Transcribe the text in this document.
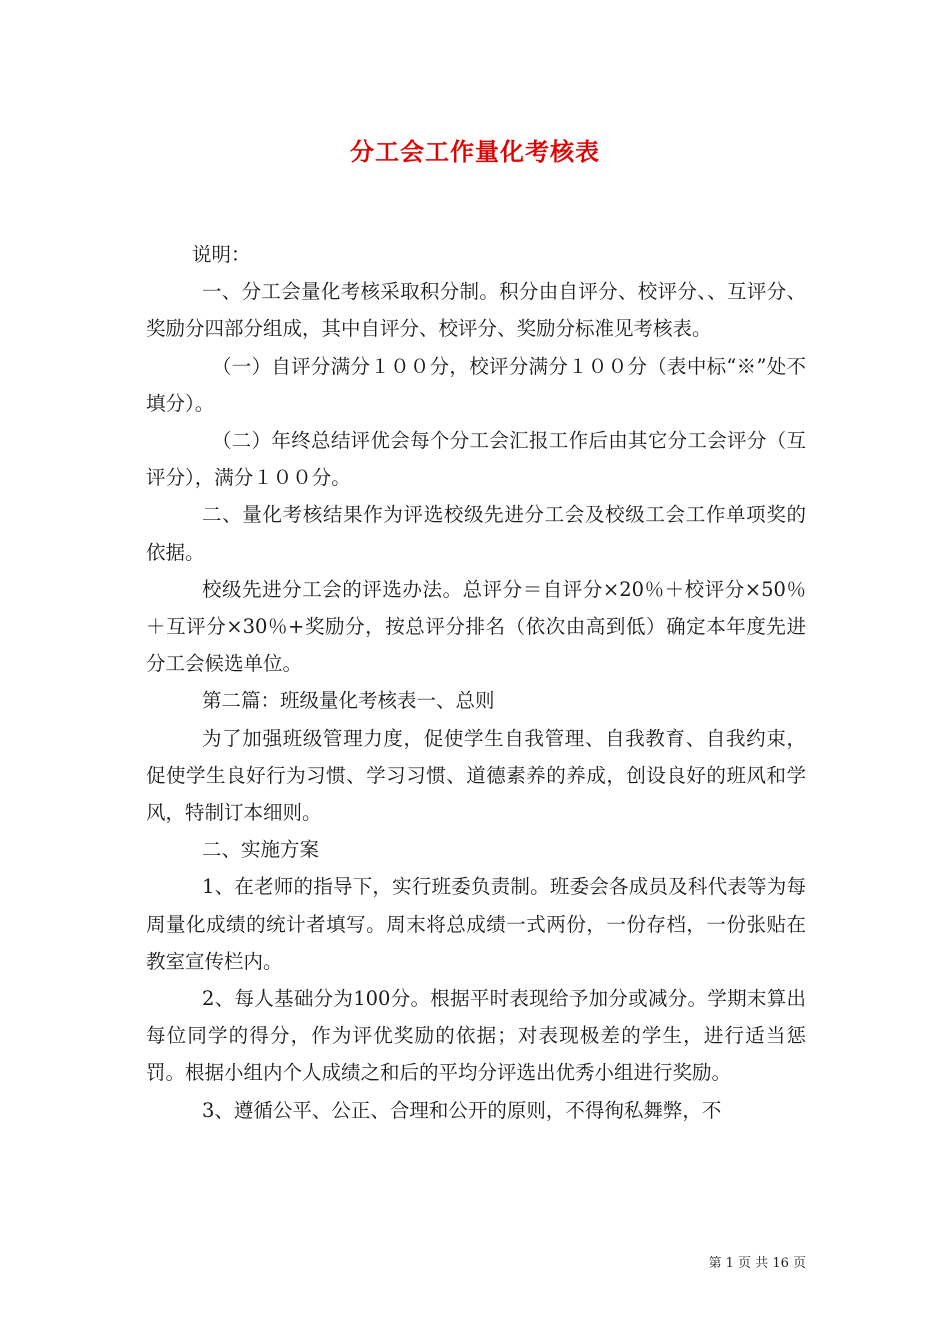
分工会工作量化考核表

说明：

一、分工会量化考核采取积分制。积分由自评分、校评分、、互评分、奖励分四部分组成，其中自评分、校评分、奖励分标准见考核表。

（一）自评分满分１００分，校评分满分１００分（表中标“※”处不填分）。

（二）年终总结评优会每个分工会汇报工作后由其它分工会评分（互评分），满分１００分。

二、量化考核结果作为评选校级先进分工会及校级工会工作单项奖的依据。

校级先进分工会的评选办法。总评分＝自评分×20％＋校评分×50％＋互评分×30％+奖励分，按总评分排名（依次由高到低）确定本年度先进分工会候选单位。

第二篇：班级量化考核表一、总则

为了加强班级管理力度，促使学生自我管理、自我教育、自我约束，促使学生良好行为习惯、学习习惯、道德素养的养成，创设良好的班风和学风，特制订本细则。

二、实施方案

1、在老师的指导下，实行班委负责制。班委会各成员及科代表等为每周量化成绩的统计者填写。周末将总成绩一式两份，一份存档，一份张贴在教室宣传栏内。

2、每人基础分为100分。根据平时表现给予加分或减分。学期末算出每位同学的得分，作为评优奖励的依据；对表现极差的学生，进行适当惩罚。根据小组内个人成绩之和后的平均分评选出优秀小组进行奖励。

3、遵循公平、公正、合理和公开的原则，不得徇私舞弊，不

第 1 页 共 16 页
